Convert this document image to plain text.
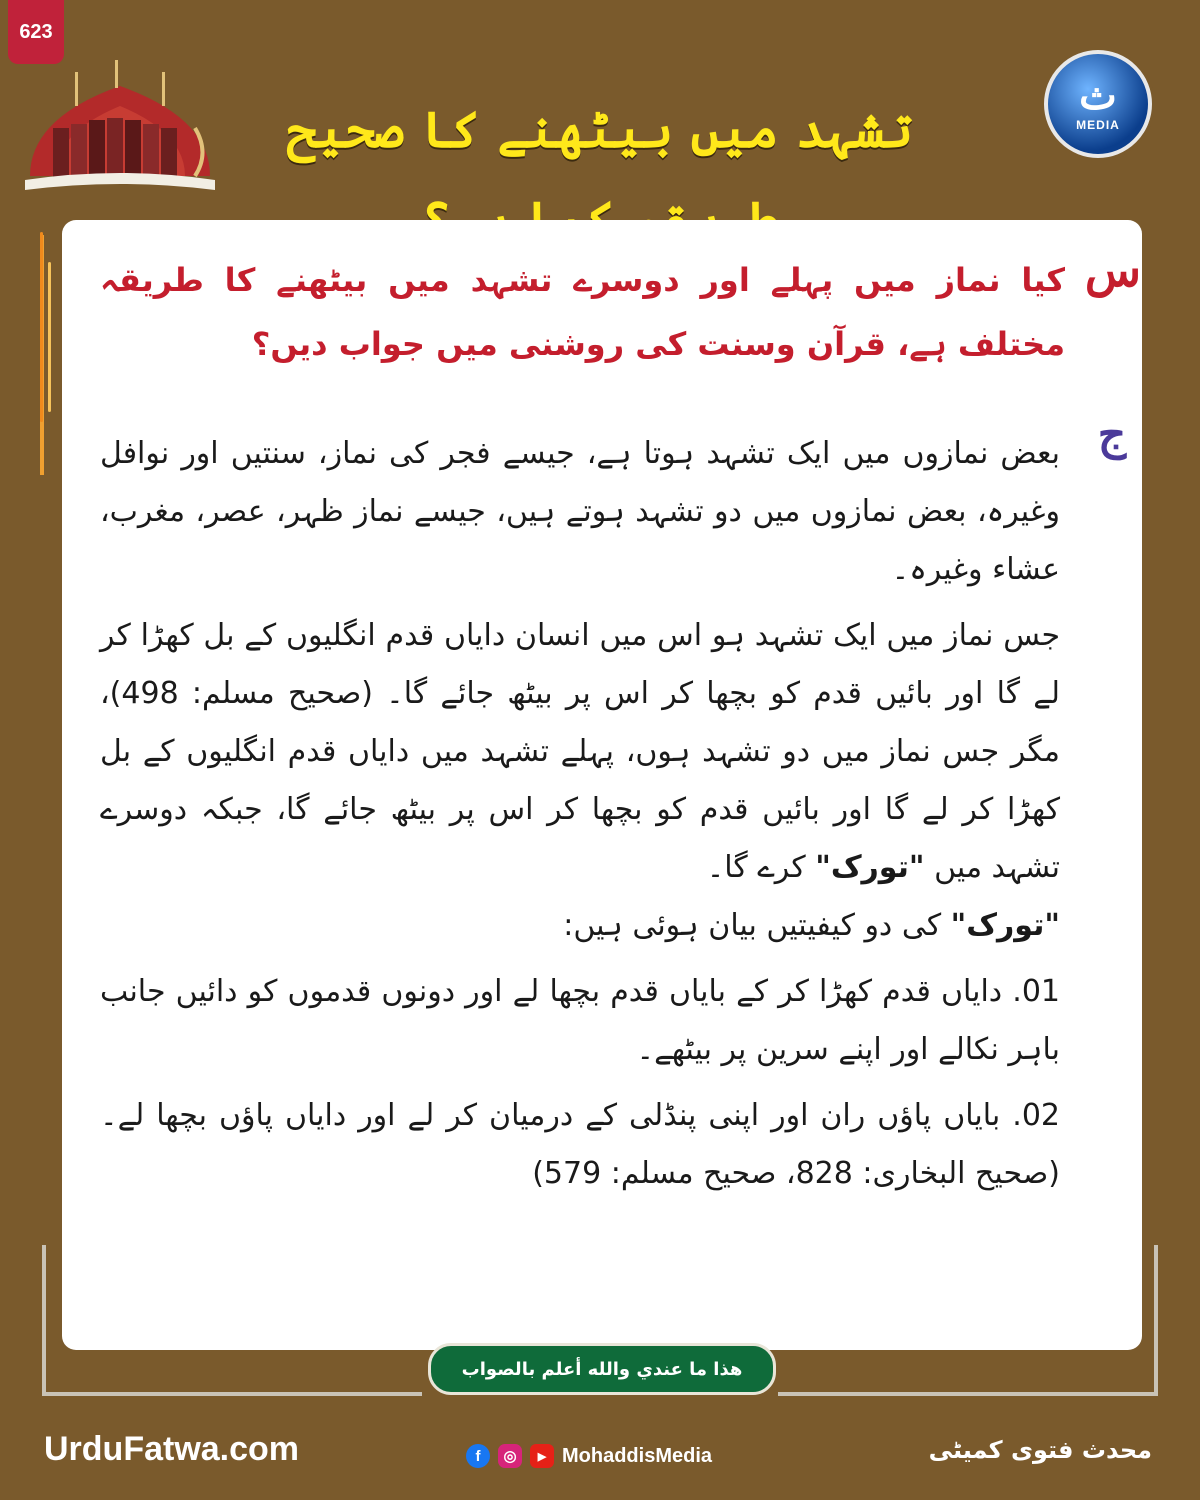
623
ث
MEDIA
تشہد میں بیٹھنے کا صحیح
س
کیا نماز میں پہلے اور دوسرے تشہد میں بیٹھنے کا طریقہ مختلف ہے، قرآن وسنت کی روشنی میں جواب دیں؟
ج

بعض نمازوں میں ایک تشہد ہوتا ہے، جیسے فجر کی نماز، سنتیں اور نوافل وغیرہ، بعض نمازوں میں دو تشہد ہوتے ہیں، جیسے نماز ظہر، عصر، مغرب، عشاء وغیرہ۔

جس نماز میں ایک تشہد ہو اس میں انسان دایاں قدم انگلیوں کے بل کھڑا کر لے گا اور بائیں قدم کو بچھا کر اس پر بیٹھ جائے گا۔ (صحیح مسلم: 498)، مگر جس نماز میں دو تشہد ہوں، پہلے تشہد میں دایاں قدم انگلیوں کے بل کھڑا کر لے گا اور بائیں قدم کو بچھا کر اس پر بیٹھ جائے گا، جبکہ دوسرے تشہد میں "تورک" کرے گا۔
"تورک" کی دو کیفیتیں بیان ہوئی ہیں:

01. دایاں قدم کھڑا کر کے بایاں قدم بچھا لے اور دونوں قدموں کو دائیں جانب باہر نکالے اور اپنے سرین پر بیٹھے۔

02. بایاں پاؤں ران اور اپنی پنڈلی کے درمیان کر لے اور دایاں پاؤں بچھا لے۔(صحیح البخاری: 828، صحیح مسلم: 579)

هذا ما عندي والله أعلم بالصواب
UrduFatwa.com	f	◎	▶ MohaddisMedia	محدث فتوی کمیٹی
